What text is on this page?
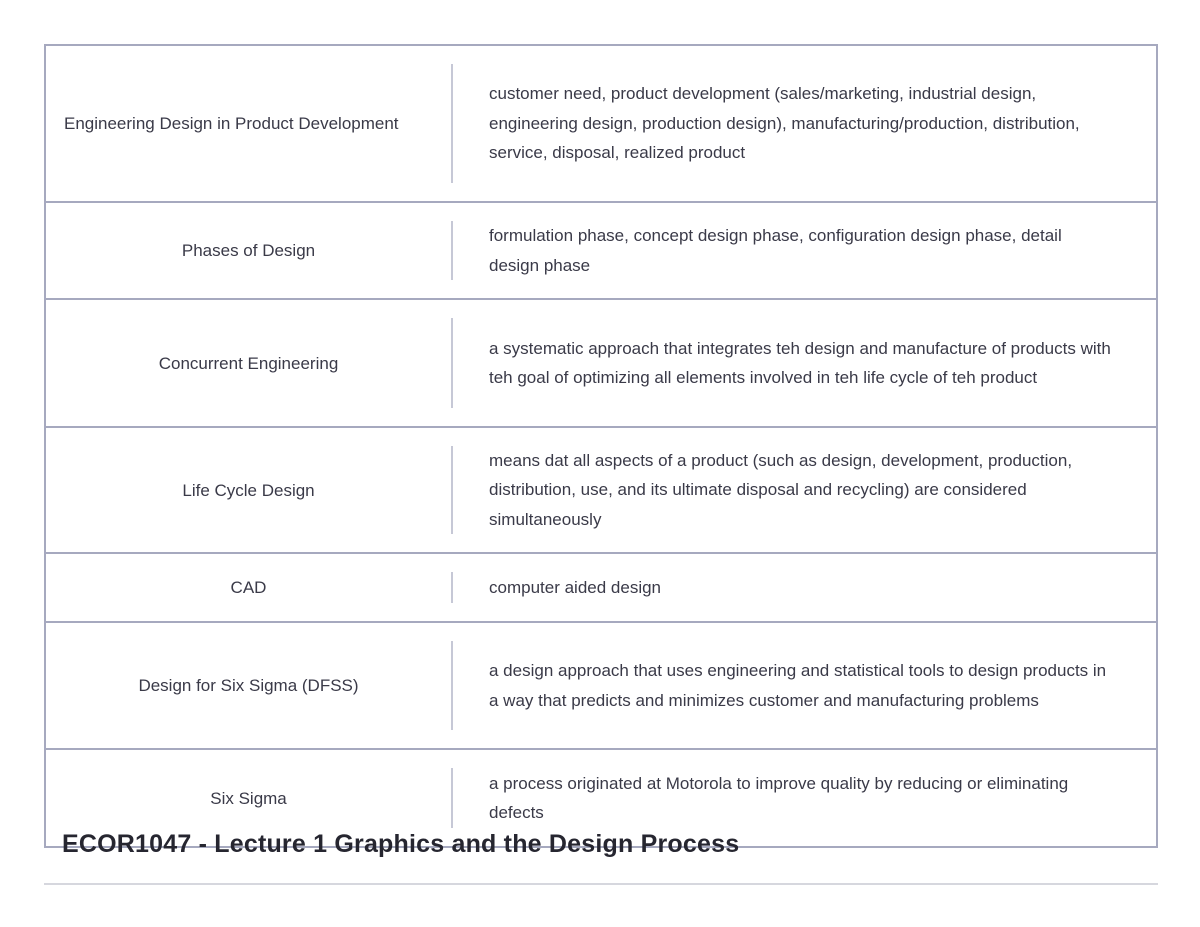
Engineering Design in Product Development
customer need, product development (sales/marketing, industrial design, engineering design, production design), manufacturing/production, distribution, service, disposal, realized product
Phases of Design
formulation phase, concept design phase, configuration design phase, detail design phase
Concurrent Engineering
a systematic approach that integrates teh design and manufacture of products with teh goal of optimizing all elements involved in teh life cycle of teh product
Life Cycle Design
means dat all aspects of a product (such as design, development, production, distribution, use, and its ultimate disposal and recycling) are considered simultaneously
CAD	computer aided design
Design for Six Sigma (DFSS)
a design approach that uses engineering and statistical tools to design products in a way that predicts and minimizes customer and manufacturing problems
Six Sigma
a process originated at Motorola to improve quality by reducing or eliminating defects
ECOR1047 - Lecture 1 Graphics and the Design Process
